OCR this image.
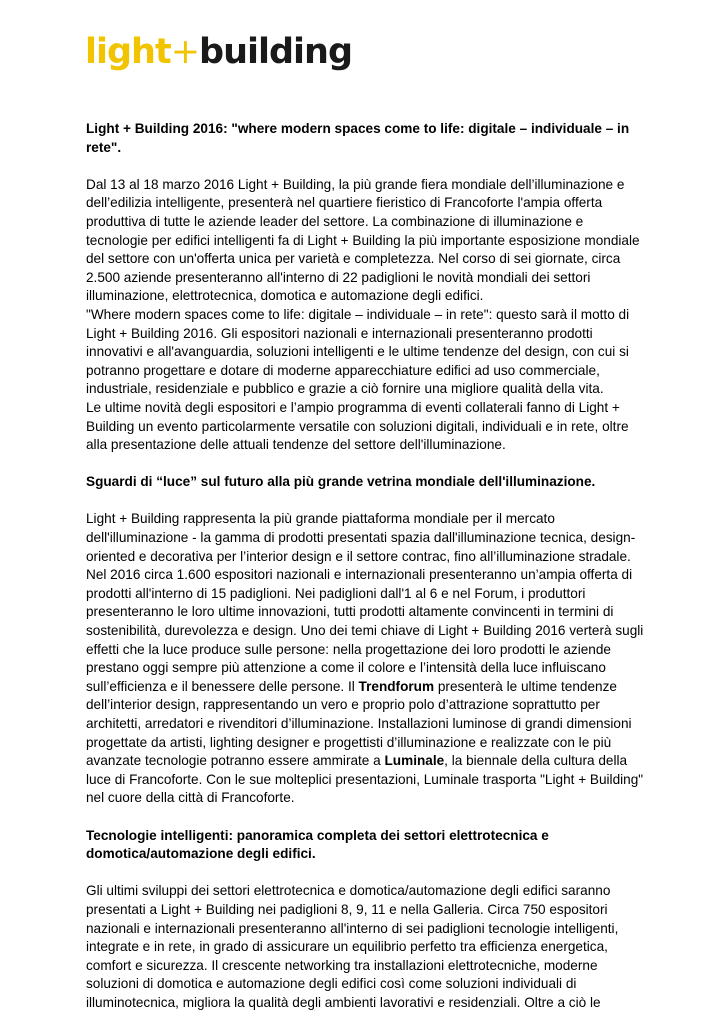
light+building
Light + Building 2016: "where modern spaces come to life: digitale – individuale – in rete".

Dal 13 al 18 marzo 2016 Light + Building, la più grande fiera mondiale dell’illuminazione e dell’edilizia intelligente, presenterà nel quartiere fieristico di Francoforte l'ampia offerta produttiva di tutte le aziende leader del settore. La combinazione di illuminazione e tecnologie per edifici intelligenti fa di Light + Building la più importante esposizione mondiale del settore con un'offerta unica per varietà e completezza. Nel corso di sei giornate, circa 2.500 aziende presenteranno all'interno di 22 padiglioni le novità mondiali dei settori illuminazione, elettrotecnica, domotica e automazione degli edifici.

"Where modern spaces come to life: digitale – individuale – in rete": questo sarà il motto di Light + Building 2016. Gli espositori nazionali e internazionali presenteranno prodotti innovativi e all'avanguardia, soluzioni intelligenti e le ultime tendenze del design, con cui si potranno progettare e dotare di moderne apparecchiature edifici ad uso commerciale, industriale, residenziale e pubblico e grazie a ciò fornire una migliore qualità della vita.

Le ultime novità degli espositori e l’ampio programma di eventi collaterali fanno di Light + Building un evento particolarmente versatile con soluzioni digitali, individuali e in rete, oltre alla presentazione delle attuali tendenze del settore dell'illuminazione.

Sguardi di “luce” sul futuro alla più grande vetrina mondiale dell'illuminazione.

Light + Building rappresenta la più grande piattaforma mondiale per il mercato dell'illuminazione - la gamma di prodotti presentati spazia dall'illuminazione tecnica, design-oriented e decorativa per l’interior design e il settore contrac, fino all’illuminazione stradale. Nel 2016 circa 1.600 espositori nazionali e internazionali presenteranno un’ampia offerta di prodotti all'interno di 15 padiglioni. Nei padiglioni dall'1 al 6 e nel Forum, i produttori presenteranno le loro ultime innovazioni, tutti prodotti altamente convincenti in termini di sostenibilità, durevolezza e design. Uno dei temi chiave di Light + Building 2016 verterà sugli effetti che la luce produce sulle persone: nella progettazione dei loro prodotti le aziende prestano oggi sempre più attenzione a come il colore e l’intensità della luce influiscano sull’efficienza e il benessere delle persone. Il Trendforum presenterà le ultime tendenze dell’interior design, rappresentando un vero e proprio polo d’attrazione soprattutto per architetti, arredatori e rivenditori d’illuminazione. Installazioni luminose di grandi dimensioni progettate da artisti, lighting designer e progettisti d’illuminazione e realizzate con le più avanzate tecnologie potranno essere ammirate a Luminale, la biennale della cultura della luce di Francoforte. Con le sue molteplici presentazioni, Luminale trasporta "Light + Building" nel cuore della città di Francoforte.

Tecnologie intelligenti: panoramica completa dei settori elettrotecnica e domotica/automazione degli edifici.

Gli ultimi sviluppi dei settori elettrotecnica e domotica/automazione degli edifici saranno presentati a Light + Building nei padiglioni 8, 9, 11 e nella Galleria. Circa 750 espositori nazionali e internazionali presenteranno all'interno di sei padiglioni tecnologie intelligenti, integrate e in rete, in grado di assicurare un equilibrio perfetto tra efficienza energetica, comfort e sicurezza. Il crescente networking tra installazioni elettrotecniche, moderne soluzioni di domotica e automazione degli edifici così come soluzioni individuali di illuminotecnica, migliora la qualità degli ambienti lavorativi e residenziali. Oltre a ciò le
